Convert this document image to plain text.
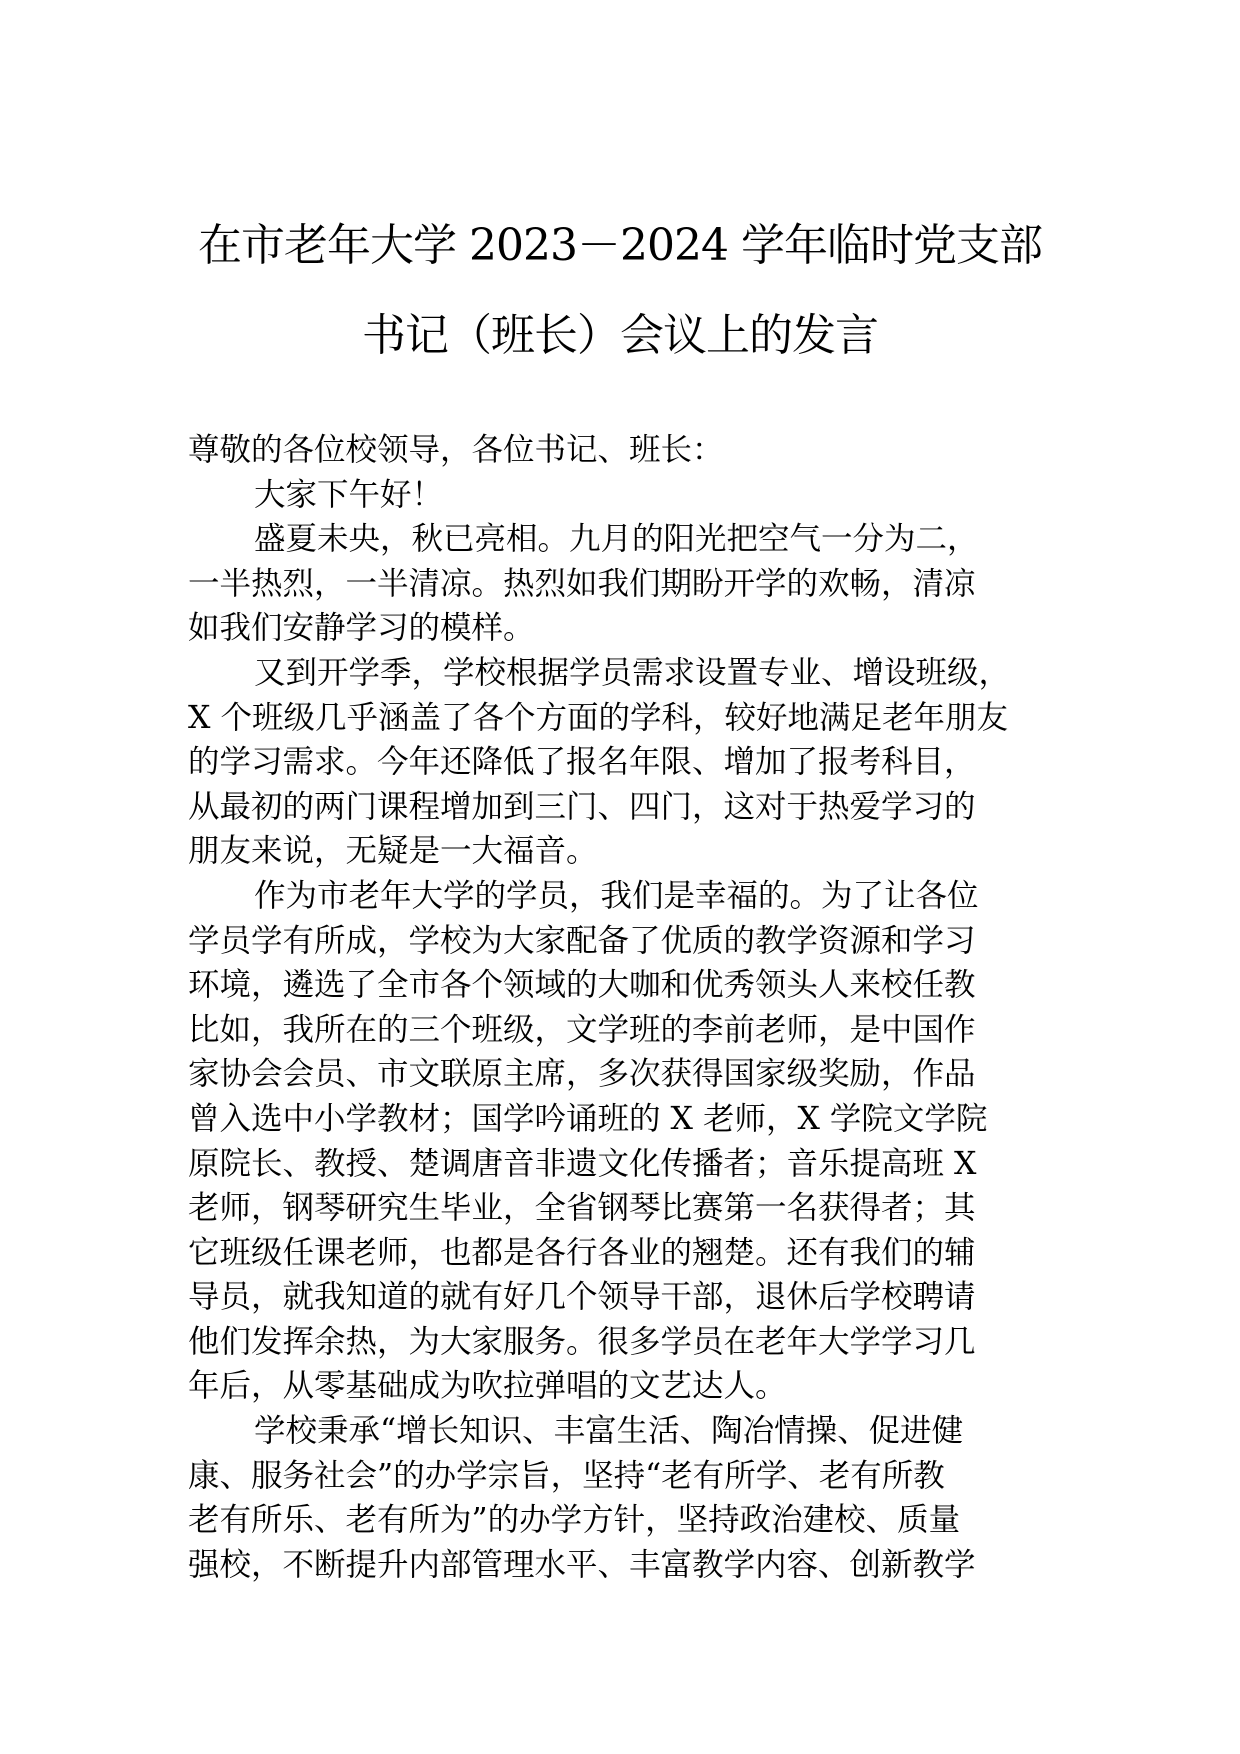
在市老年大学 2023－2024 学年临时党支部
书记（班长）会议上的发言
尊敬的各位校领导，各位书记、班长：
大家下午好！
盛夏未央，秋已亮相。九月的阳光把空气一分为二，
一半热烈，一半清凉。热烈如我们期盼开学的欢畅，清凉
如我们安静学习的模样。
又到开学季，学校根据学员需求设置专业、增设班级，
X 个班级几乎涵盖了各个方面的学科，较好地满足老年朋友
的学习需求。今年还降低了报名年限、增加了报考科目，
从最初的两门课程增加到三门、四门，这对于热爱学习的
朋友来说，无疑是一大福音。
作为市老年大学的学员，我们是幸福的。为了让各位
学员学有所成，学校为大家配备了优质的教学资源和学习
环境，遴选了全市各个领域的大咖和优秀领头人来校任教
比如，我所在的三个班级，文学班的李前老师，是中国作
家协会会员、市文联原主席，多次获得国家级奖励，作品
曾入选中小学教材；国学吟诵班的 X 老师，X 学院文学院
原院长、教授、楚调唐音非遗文化传播者；音乐提高班 X
老师，钢琴研究生毕业，全省钢琴比赛第一名获得者；其
它班级任课老师，也都是各行各业的翘楚。还有我们的辅
导员，就我知道的就有好几个领导干部，退休后学校聘请
他们发挥余热，为大家服务。很多学员在老年大学学习几
年后，从零基础成为吹拉弹唱的文艺达人。
学校秉承“增长知识、丰富生活、陶冶情操、促进健
康、服务社会”的办学宗旨，坚持“老有所学、老有所教
老有所乐、老有所为”的办学方针，坚持政治建校、质量
强校，不断提升内部管理水平、丰富教学内容、创新教学
